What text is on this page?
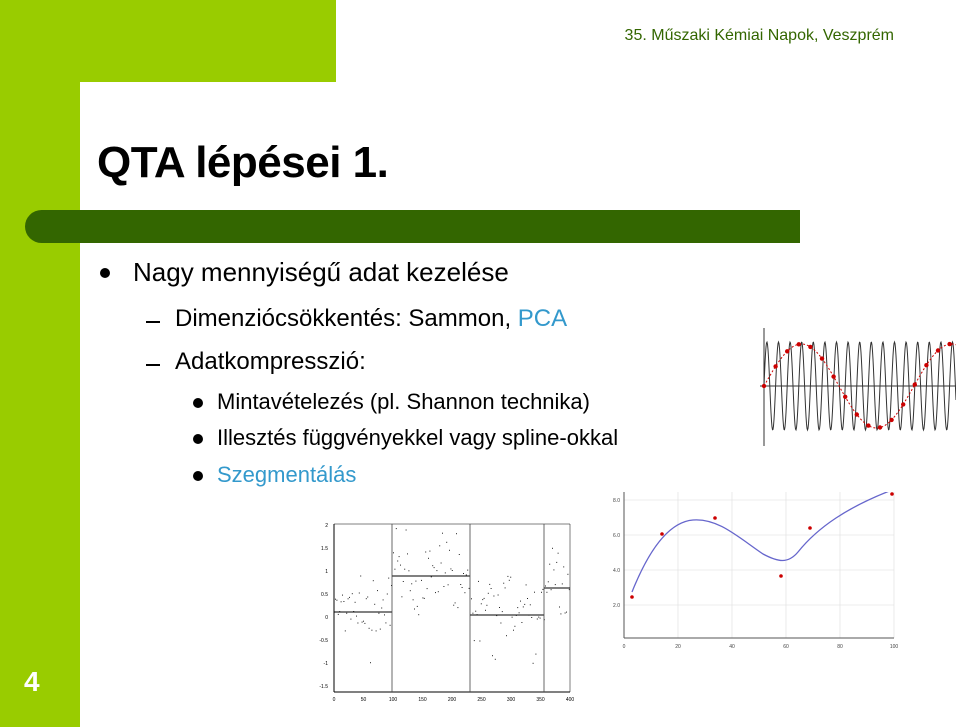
35. Műszaki Kémiai Napok, Veszprém
QTA lépései 1.
4
Nagy mennyiségű adat kezelése
Dimenziócsökkentés: Sammon, PCA
Adatkompresszió:
Mintavételezés (pl. Shannon technika)
Illesztés függvényekkel vagy spline-okkal
Szegmentálás
2
1.5
1
0.5
0
-0.5
-1
-1.5
0	50	100	150	200	250	300	350	400
8.0
6.0
4.0
2.0
0	20	40	60	80	100
